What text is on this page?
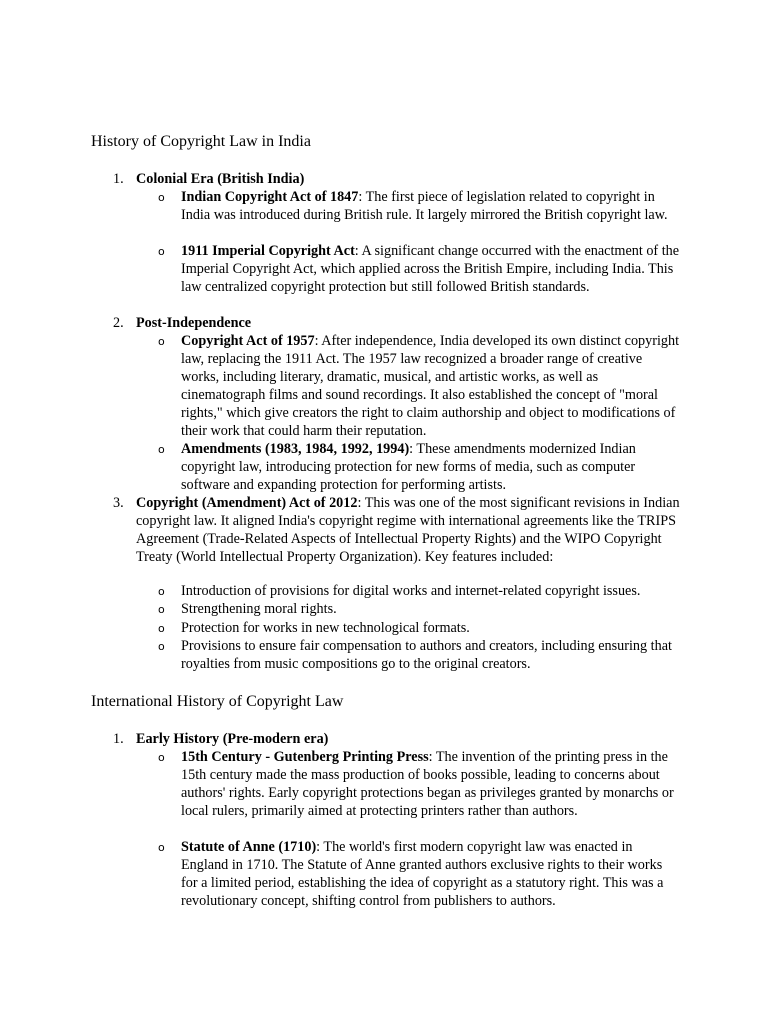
History of Copyright Law in India
1. Colonial Era (British India)
o	Indian Copyright Act of 1847: The first piece of legislation related to copyright in India was introduced during British rule. It largely mirrored the British copyright law.
o	1911 Imperial Copyright Act: A significant change occurred with the enactment of the Imperial Copyright Act, which applied across the British Empire, including India. This law centralized copyright protection but still followed British standards.
2. Post-Independence
o	Copyright Act of 1957: After independence, India developed its own distinct copyright law, replacing the 1911 Act. The 1957 law recognized a broader range of creative works, including literary, dramatic, musical, and artistic works, as well as cinematograph films and sound recordings. It also established the concept of "moral rights," which give creators the right to claim authorship and object to modifications of their work that could harm their reputation.
o	Amendments (1983, 1984, 1992, 1994): These amendments modernized Indian copyright law, introducing protection for new forms of media, such as computer software and expanding protection for performing artists.
3. Copyright (Amendment) Act of 2012: This was one of the most significant revisions in Indian copyright law. It aligned India's copyright regime with international agreements like the TRIPS Agreement (Trade-Related Aspects of Intellectual Property Rights) and the WIPO Copyright Treaty (World Intellectual Property Organization). Key features included:
o	Introduction of provisions for digital works and internet-related copyright issues.
o	Strengthening moral rights.
o	Protection for works in new technological formats.
o	Provisions to ensure fair compensation to authors and creators, including ensuring that royalties from music compositions go to the original creators.
International History of Copyright Law
1. Early History (Pre-modern era)
o	15th Century - Gutenberg Printing Press: The invention of the printing press in the 15th century made the mass production of books possible, leading to concerns about authors' rights. Early copyright protections began as privileges granted by monarchs or local rulers, primarily aimed at protecting printers rather than authors.
o	Statute of Anne (1710): The world's first modern copyright law was enacted in England in 1710. The Statute of Anne granted authors exclusive rights to their works for a limited period, establishing the idea of copyright as a statutory right. This was a revolutionary concept, shifting control from publishers to authors.
